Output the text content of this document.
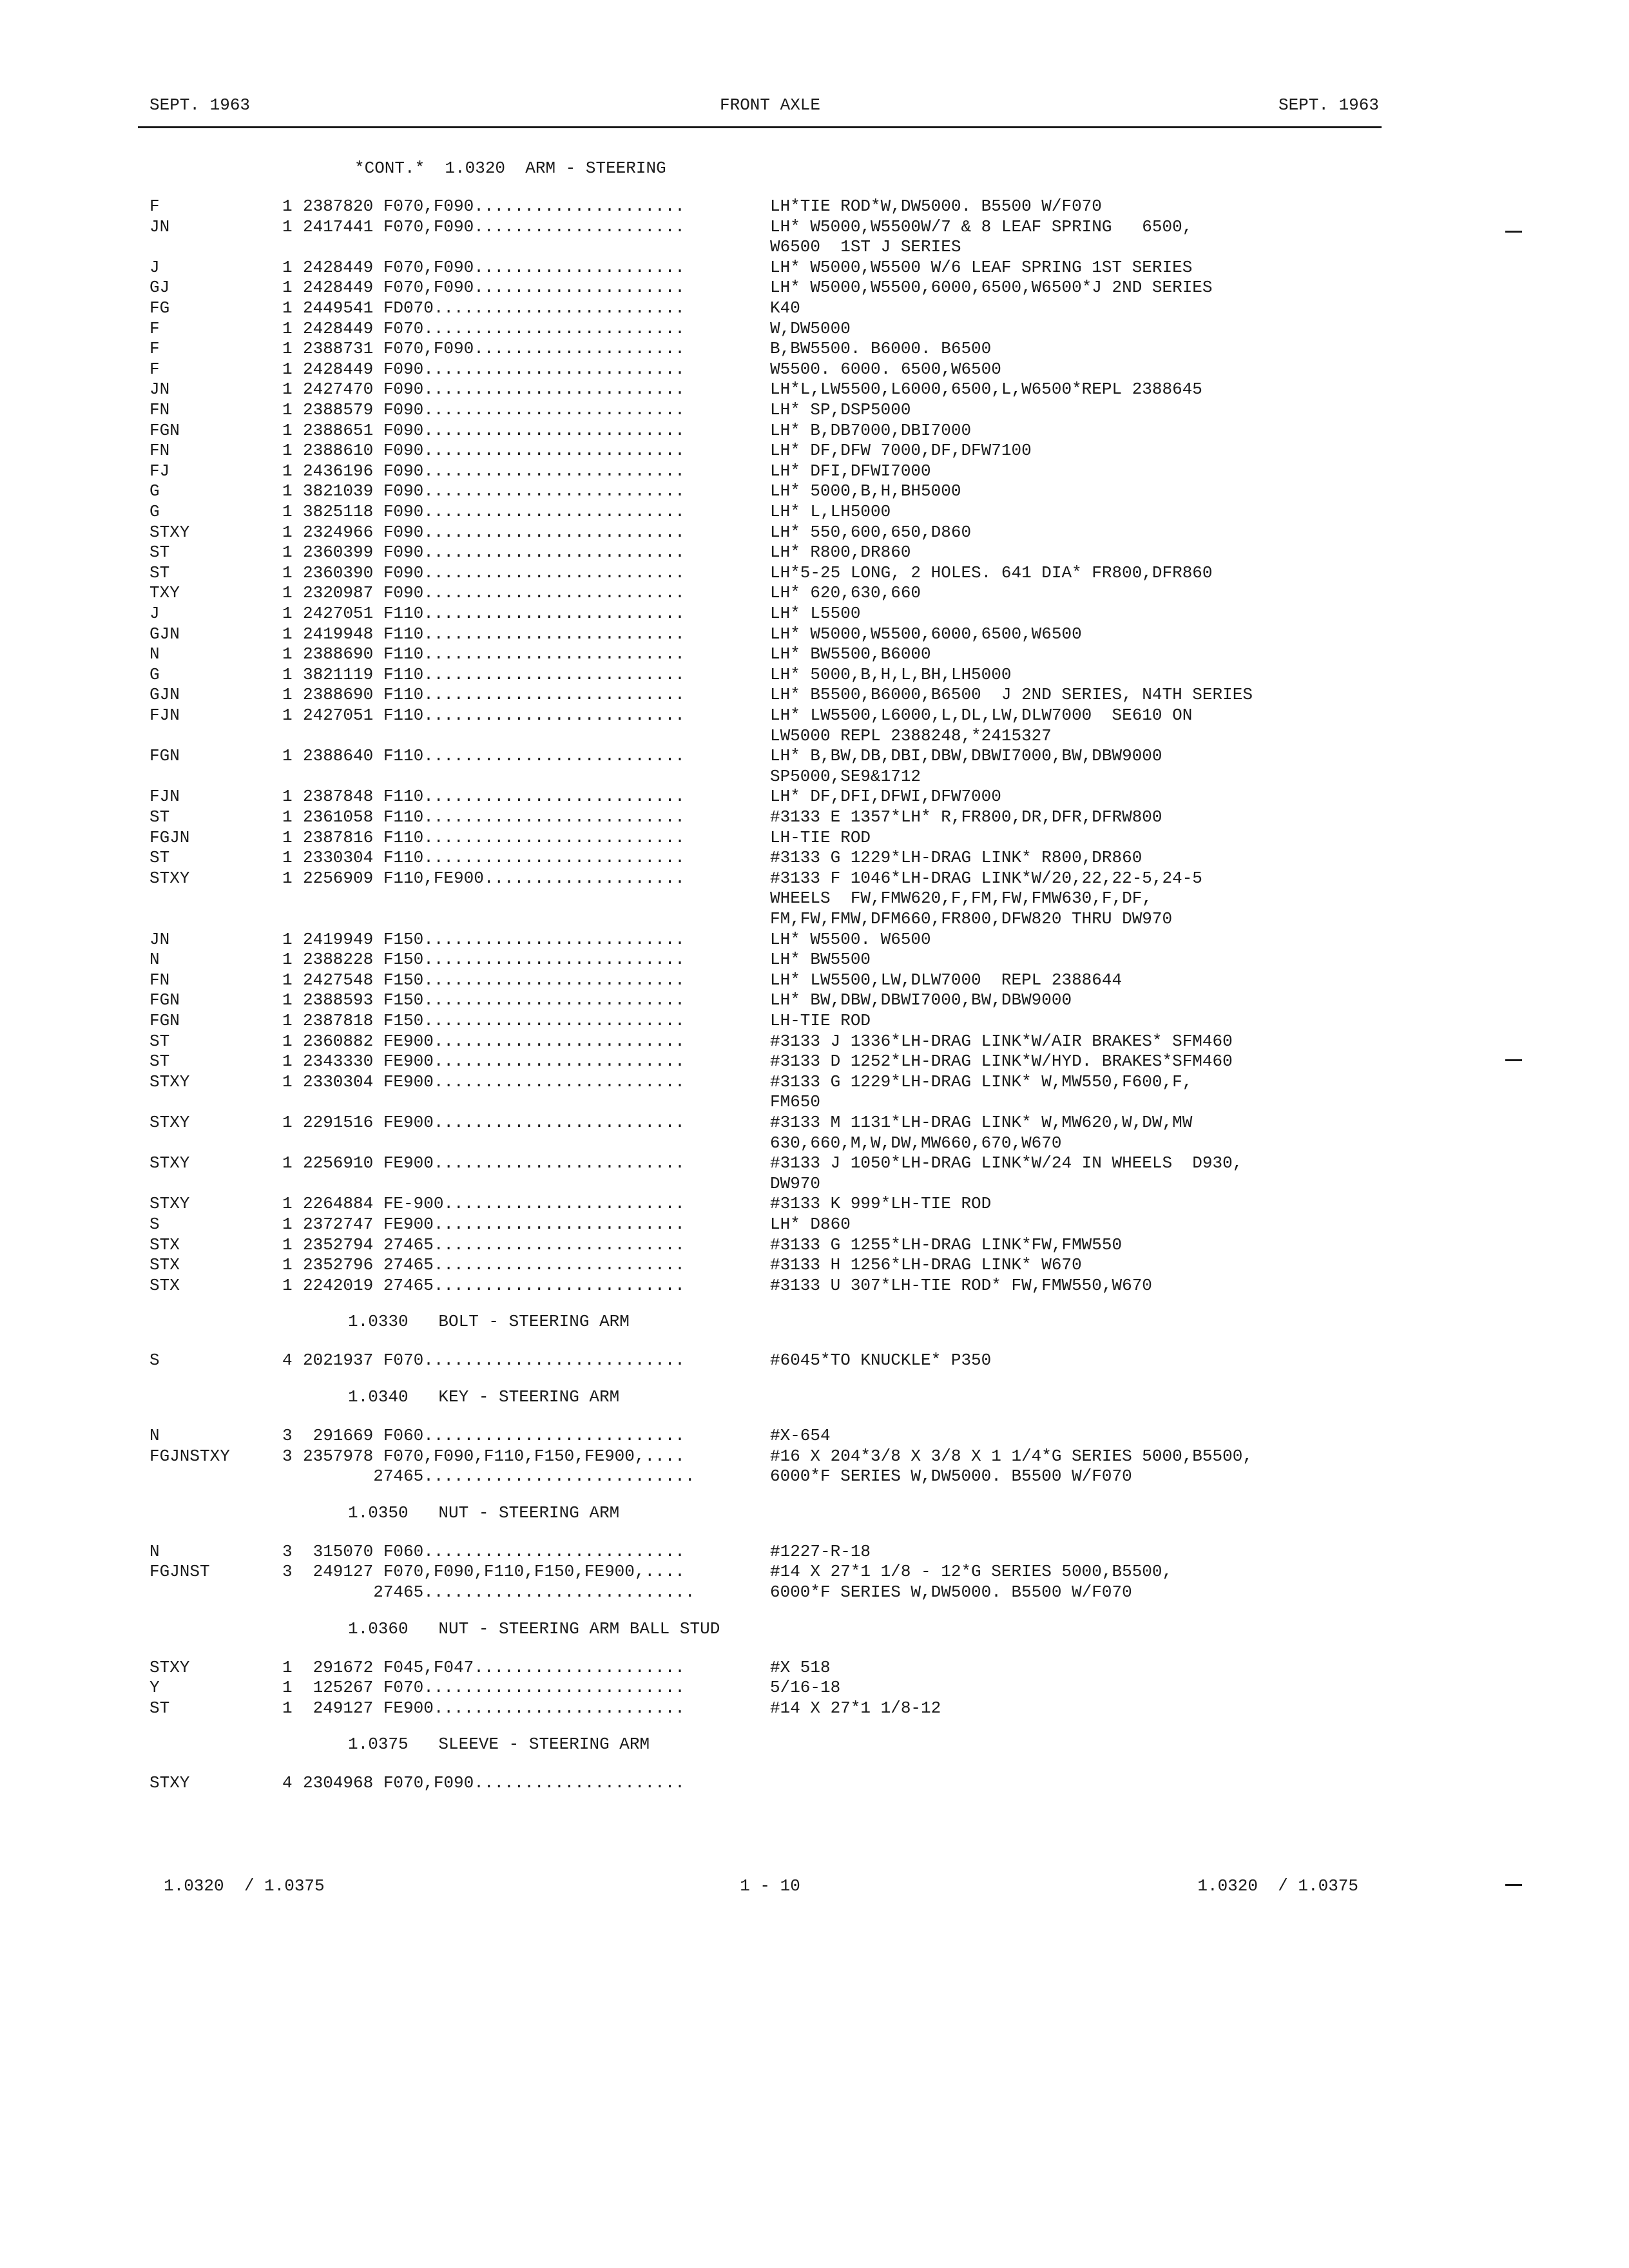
SEPT. 1963	FRONT AXLE	SEPT. 1963
*CONT.*  1.0320  ARM - STEERING
F	1 2387820 F070,F090.....................	LH*TIE ROD*W,DW5000. B5500 W/F070
JN	1 2417441 F070,F090.....................	LH* W5000,W5500W/7 & 8 LEAF SPRING   6500,
W6500  1ST J SERIES
J	1 2428449 F070,F090.....................	LH* W5000,W5500 W/6 LEAF SPRING 1ST SERIES
GJ	1 2428449 F070,F090.....................	LH* W5000,W5500,6000,6500,W6500*J 2ND SERIES
FG	1 2449541 FD070.........................	K40
F	1 2428449 F070..........................	W,DW5000
F	1 2388731 F070,F090.....................	B,BW5500. B6000. B6500
F	1 2428449 F090..........................	W5500. 6000. 6500,W6500
JN	1 2427470 F090..........................	LH*L,LW5500,L6000,6500,L,W6500*REPL 2388645
FN	1 2388579 F090..........................	LH* SP,DSP5000
FGN	1 2388651 F090..........................	LH* B,DB7000,DBI7000
FN	1 2388610 F090..........................	LH* DF,DFW 7000,DF,DFW7100
FJ	1 2436196 F090..........................	LH* DFI,DFWI7000
G	1 3821039 F090..........................	LH* 5000,B,H,BH5000
G	1 3825118 F090..........................	LH* L,LH5000
STXY	1 2324966 F090..........................	LH* 550,600,650,D860
ST	1 2360399 F090..........................	LH* R800,DR860
ST	1 2360390 F090..........................	LH*5-25 LONG, 2 HOLES. 641 DIA* FR800,DFR860
TXY	1 2320987 F090..........................	LH* 620,630,660
J	1 2427051 F110..........................	LH* L5500
GJN	1 2419948 F110..........................	LH* W5000,W5500,6000,6500,W6500
N	1 2388690 F110..........................	LH* BW5500,B6000
G	1 3821119 F110..........................	LH* 5000,B,H,L,BH,LH5000
GJN	1 2388690 F110..........................	LH* B5500,B6000,B6500  J 2ND SERIES, N4TH SERIES
FJN	1 2427051 F110..........................	LH* LW5500,L6000,L,DL,LW,DLW7000  SE610 ON
LW5000 REPL 2388248,*2415327
FGN	1 2388640 F110..........................	LH* B,BW,DB,DBI,DBW,DBWI7000,BW,DBW9000
SP5000,SE9&1712
FJN	1 2387848 F110..........................	LH* DF,DFI,DFWI,DFW7000
ST	1 2361058 F110..........................	#3133 E 1357*LH* R,FR800,DR,DFR,DFRW800
FGJN	1 2387816 F110..........................	LH-TIE ROD
ST	1 2330304 F110..........................	#3133 G 1229*LH-DRAG LINK* R800,DR860
STXY	1 2256909 F110,FE900....................	#3133 F 1046*LH-DRAG LINK*W/20,22,22-5,24-5
WHEELS  FW,FMW620,F,FM,FW,FMW630,F,DF,
FM,FW,FMW,DFM660,FR800,DFW820 THRU DW970
JN	1 2419949 F150..........................	LH* W5500. W6500
N	1 2388228 F150..........................	LH* BW5500
FN	1 2427548 F150..........................	LH* LW5500,LW,DLW7000  REPL 2388644
FGN	1 2388593 F150..........................	LH* BW,DBW,DBWI7000,BW,DBW9000
FGN	1 2387818 F150..........................	LH-TIE ROD
ST	1 2360882 FE900.........................	#3133 J 1336*LH-DRAG LINK*W/AIR BRAKES* SFM460
ST	1 2343330 FE900.........................	#3133 D 1252*LH-DRAG LINK*W/HYD. BRAKES*SFM460
STXY	1 2330304 FE900.........................	#3133 G 1229*LH-DRAG LINK* W,MW550,F600,F,
FM650
STXY	1 2291516 FE900.........................	#3133 M 1131*LH-DRAG LINK* W,MW620,W,DW,MW
630,660,M,W,DW,MW660,670,W670
STXY	1 2256910 FE900.........................	#3133 J 1050*LH-DRAG LINK*W/24 IN WHEELS  D930,
DW970
STXY	1 2264884 FE-900........................	#3133 K 999*LH-TIE ROD
S	1 2372747 FE900.........................	LH* D860
STX	1 2352794 27465.........................	#3133 G 1255*LH-DRAG LINK*FW,FMW550
STX	1 2352796 27465.........................	#3133 H 1256*LH-DRAG LINK* W670
STX	1 2242019 27465.........................	#3133 U 307*LH-TIE ROD* FW,FMW550,W670
1.0330   BOLT - STEERING ARM
S	4 2021937 F070..........................	#6045*TO KNUCKLE* P350
1.0340   KEY - STEERING ARM
N	3 291669 F060..........................	#X-654
FGJNSTXY	3 2357978 F070,F090,F110,F150,FE900,....	#16 X 204*3/8 X 3/8 X 1 1/4*G SERIES 5000,B5500,
27465...........................	6000*F SERIES W,DW5000. B5500 W/F070
1.0350   NUT - STEERING ARM
N	3 315070 F060..........................	#1227-R-18
FGJNST	3 249127 F070,F090,F110,F150,FE900,....	#14 X 27*1 1/8 - 12*G SERIES 5000,B5500,
27465...........................	6000*F SERIES W,DW5000. B5500 W/F070
1.0360   NUT - STEERING ARM BALL STUD
STXY	1 291672 F045,F047.....................	#X 518
Y	1 125267 F070..........................	5/16-18
ST	1 249127 FE900.........................	#14 X 27*1 1/8-12
1.0375   SLEEVE - STEERING ARM
STXY	4 2304968 F070,F090.....................
1.0320  / 1.0375	1 - 10	1.0320  / 1.0375
